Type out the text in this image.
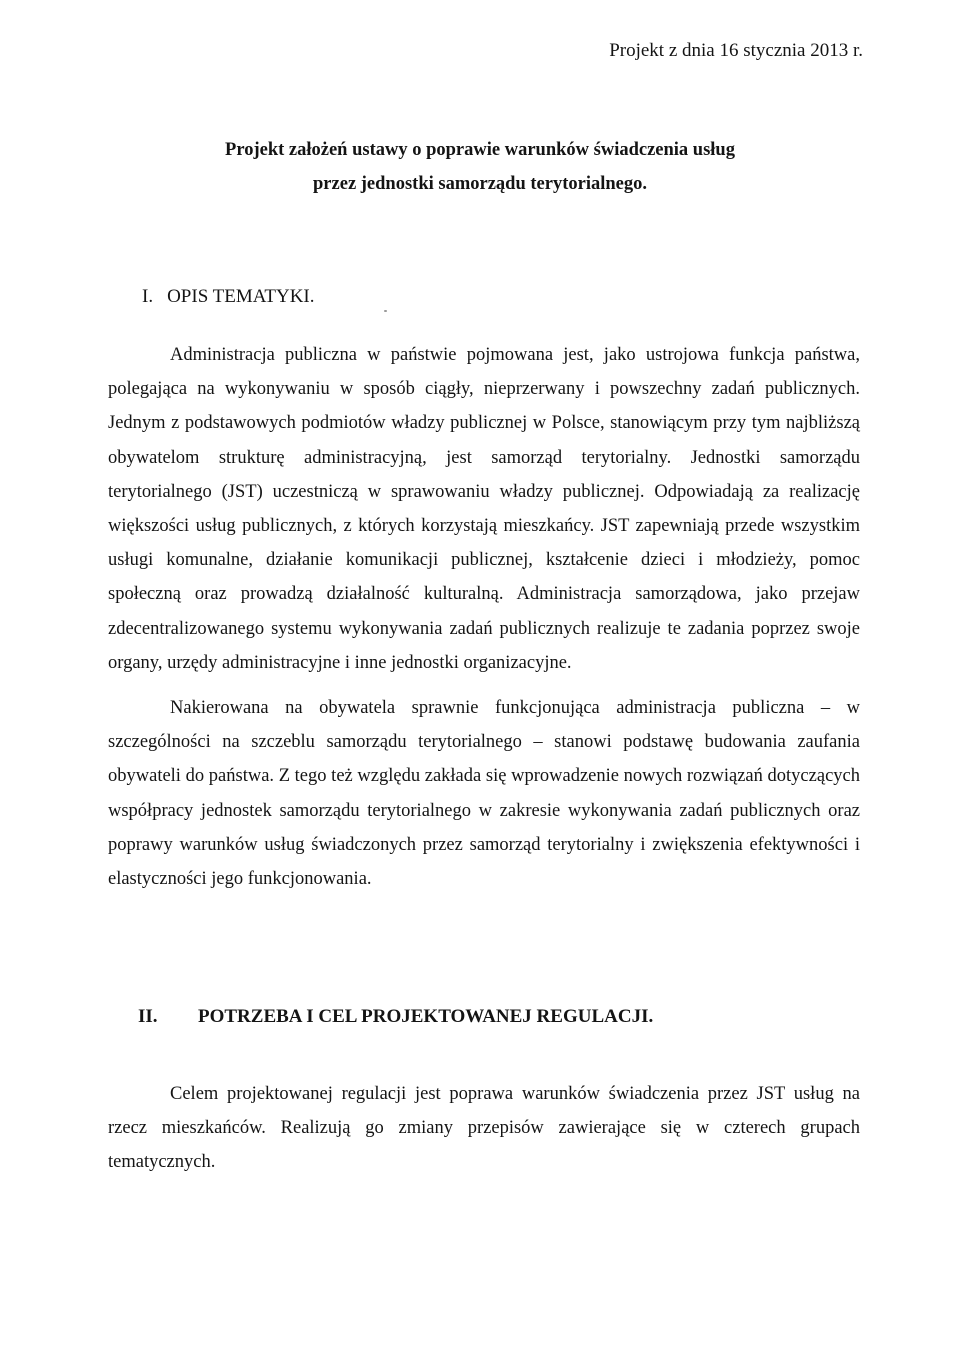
Projekt z dnia 16 stycznia 2013 r.
Projekt założeń ustawy o poprawie warunków świadczenia usług
przez jednostki samorządu terytorialnego.
I. OPIS TEMATYKI.

Administracja publiczna w państwie pojmowana jest, jako ustrojowa funkcja państwa, polegająca na wykonywaniu w sposób ciągły, nieprzerwany i powszechny zadań publicznych. Jednym z podstawowych podmiotów władzy publicznej w Polsce, stanowiącym przy tym najbliższą obywatelom strukturę administracyjną, jest samorząd terytorialny. Jednostki samorządu terytorialnego (JST) uczestniczą w sprawowaniu władzy publicznej. Odpowiadają za realizację większości usług publicznych, z których korzystają mieszkańcy. JST zapewniają przede wszystkim usługi komunalne, działanie komunikacji publicznej, kształcenie dzieci i młodzieży, pomoc społeczną oraz prowadzą działalność kulturalną. Administracja samorządowa, jako przejaw zdecentralizowanego systemu wykonywania zadań publicznych realizuje te zadania poprzez swoje organy, urzędy administracyjne i inne jednostki organizacyjne.

Nakierowana na obywatela sprawnie funkcjonująca administracja publiczna – w szczególności na szczeblu samorządu terytorialnego – stanowi podstawę budowania zaufania obywateli do państwa. Z tego też względu zakłada się wprowadzenie nowych rozwiązań dotyczących współpracy jednostek samorządu terytorialnego w zakresie wykonywania zadań publicznych oraz poprawy warunków usług świadczonych przez samorząd terytorialny i zwiększenia efektywności i elastyczności jego funkcjonowania.

II. POTRZEBA I CEL PROJEKTOWANEJ REGULACJI.

Celem projektowanej regulacji jest poprawa warunków świadczenia przez JST usług na rzecz mieszkańców. Realizują go zmiany przepisów zawierające się w czterech grupach tematycznych.
